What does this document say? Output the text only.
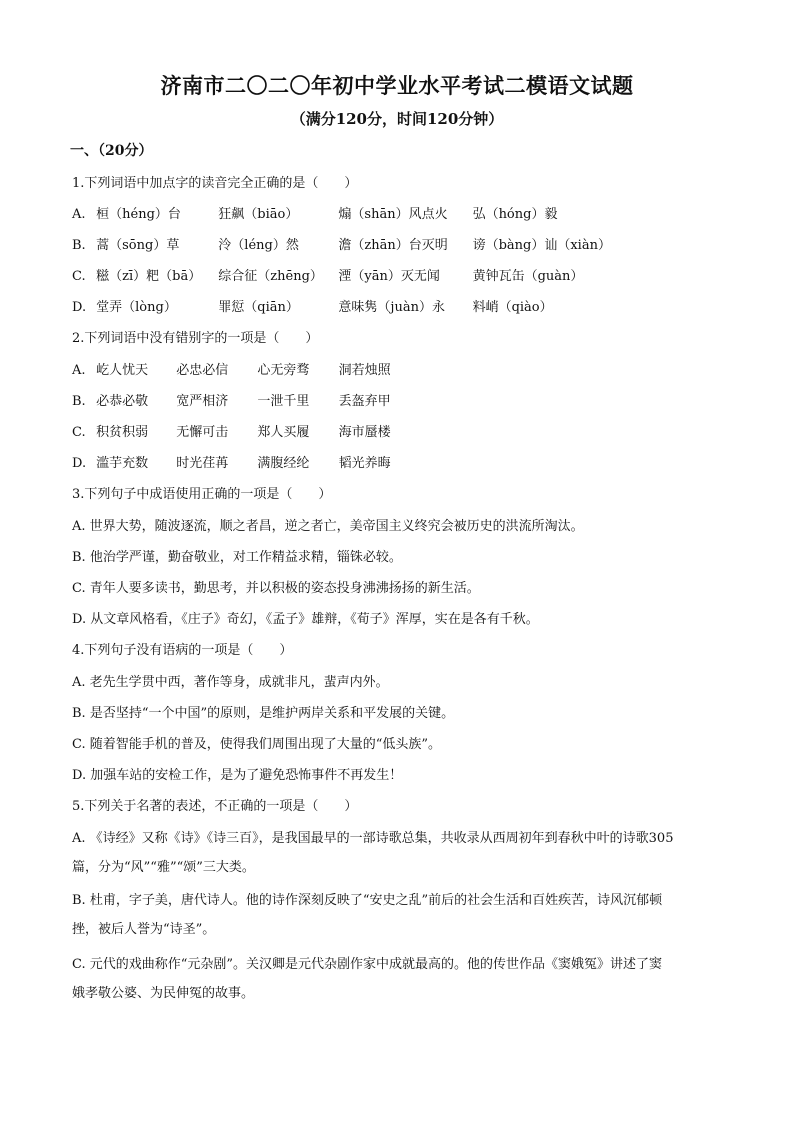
济南市二〇二〇年初中学业水平考试二模语文试题
（满分120分，时间120分钟）
一、（20分）
1.下列词语中加点字的读音完全正确的是（　　）
A. 桓（héng）台	狂飙（biāo）	煽（shān）风点火 弘（hóng）毅
B. 蒿（sōng）草	泠（léng）然	澹（zhān）台灭明 谤（bàng）讪（xiàn）
C. 糍（zī）粑（bā） 综合征（zhēng） 湮（yān）灭无闻	黄钟瓦缶（guàn）
D. 堂弄（lòng）	罪愆（qiān）	意味隽（juàn）永 料峭（qiào）
2.下列词语中没有错别字的一项是（　　）
A. 屹人忧天 必忠必信 心无旁骛 洞若烛照
B. 必恭必敬 宽严相济 一泄千里 丢盔弃甲
C. 积贫积弱 无懈可击 郑人买履 海市蜃楼
D. 滥芋充数 时光荏苒 满腹经纶 韬光养晦
3.下列句子中成语使用正确的一项是（　　）
A. 世界大势，随波逐流，顺之者昌，逆之者亡，美帝国主义终究会被历史的洪流所淘汰。
B. 他治学严谨，勤奋敬业，对工作精益求精，锱铢必较。
C. 青年人要多读书，勤思考，并以积极的姿态投身沸沸扬扬的新生活。
D. 从文章风格看，《庄子》奇幻，《孟子》雄辩，《荀子》浑厚，实在是各有千秋。
4.下列句子没有语病的一项是（　　）
A. 老先生学贯中西，著作等身，成就非凡，蜚声内外。
B. 是否坚持“一个中国”的原则，是维护两岸关系和平发展的关键。
C. 随着智能手机的普及，使得我们周围出现了大量的“低头族”。
D. 加强车站的安检工作，是为了避免恐怖事件不再发生！
5.下列关于名著的表述，不正确的一项是（　　）
A. 《诗经》又称《诗》《诗三百》，是我国最早的一部诗歌总集，共收录从西周初年到春秋中叶的诗歌305
篇，分为“风”“雅”“颂”三大类。
B. 杜甫，字子美，唐代诗人。他的诗作深刻反映了“安史之乱”前后的社会生活和百姓疾苦，诗风沉郁顿
挫，被后人誉为“诗圣”。
C. 元代的戏曲称作“元杂剧”。关汉卿是元代杂剧作家中成就最高的。他的传世作品《窦娥冤》讲述了窦
娥孝敬公婆、为民伸冤的故事。
